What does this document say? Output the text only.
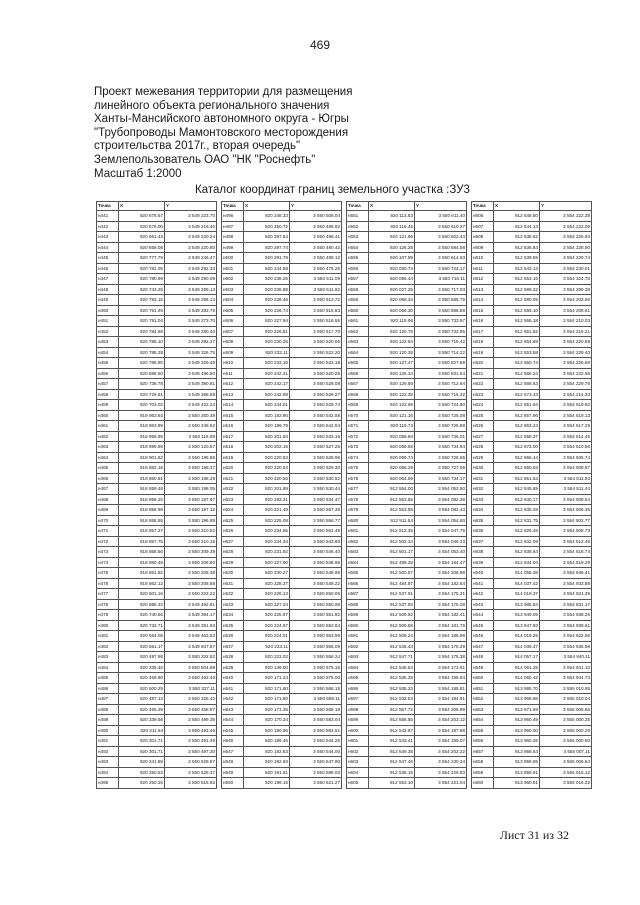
469
Проект межевания территории для размещения
линейного объекта регионального значения
Ханты-Мансийского автономного округа - Югры
"Трубопроводы Мамонтовского месторождения
строительства 2017г., вторая очередь"
Землепользователь ОАО "НК "Роснефть"
Масштаб 1:2000
Каталог координат границ земельного участка :ЗУ3
Точка	X	Y
н441	920 678.67	3 549 223.70
н442	920 676.00	3 549 218.40
н443	920 661.44	3 549 220.24
н444	920 658.08	3 549 220.80
н445	920 777.79	3 549 246.47
н446	920 781.05	3 549 292.33
н447	920 780.99	3 549 290.09
н448	920 743.25	3 549 289.13
н449	920 793.16	3 549 296.13
н450	920 791.49	3 549 283.76
н451	920 791.04	3 549 273.70
н452	920 784.68	3 549 280.40
н453	920 785.10	3 549 292.27
н454	920 788.28	3 549 326.75
н455	920 785.90	3 549 329.48
н456	920 688.50	3 549 486.50
н457	920 738.78	3 549 390.81
н458	920 729.91	3 549 368.58
н459	920 703.02	3 549 422.24
н460	919 963.93	3 550 260.48
н461	918 963.89	3 550 248.62
н462	918 959.85	3 550 116.69
н463	918 899.59	3 550 120.57
н464	918 901.82	3 550 196.86
н465	918 862.18	3 550 198.37
н466	918 860.81	3 550 198.29
н467	918 859.48	3 550 198.05
н468	918 858.20	3 550 197.67
н469	918 858.98	3 550 197.12
н470	918 858.55	3 550 196.88
н471	918 857.27	3 550 210.52
н472	918 857.75	3 550 210.16
н473	918 858.56	3 550 209.39
н474	918 860.48	3 550 208.80
н475	918 861.92	3 550 208.38
н476	918 862.12	3 550 208.88
н477	920 501.16	3 550 323.22
н478	920 888.33	3 549 492.81
н479	920 740.56	3 549 394.17
н480	920 732.71	3 549 391.93
н481	920 684.08	3 549 463.53
н482	920 561.17	3 549 847.67
н483	920 497.98	3 550 322.52
н484	920 335.40	3 550 504.89
н485	920 469.80	3 550 462.43
н486	920 500.29	3 550 327.11
н487	920 487.13	3 550 326.42
н488	920 465.39	3 550 458.87
н489	920 339.58	3 550 499.36
н490	920 311.64	3 550 493.46
н491	920 301.71	3 550 491.29
н492	920 301.71	3 550 497.30
н493	920 241.88	3 550 529.87
н494	920 250.53	3 550 529.37
н495	920 250.15	3 550 515.82
Точка	X	Y
н496	920 248.33	3 550 506.04
н497	920 250.72	3 550 485.92
н498	920 297.54	3 550 498.41
н499	920 297.74	3 550 490.42
н500	920 291.78	3 550 489.12
н501	920 244.59	3 550 476.25
н502	920 238.26	3 550 511.09
н503	920 236.88	3 550 511.82
н504	920 236.46	3 550 513.72
н505	920 226.74	3 550 515.83
н506	920 227.94	3 550 516.56
н507	920 226.81	3 550 517.70
н508	920 230.25	3 550 520.05
н509	920 232.11	3 550 522.20
н510	920 233.10	3 550 523.19
н511	920 242.31	3 550 520.26
н512	920 242.17	3 550 529.08
н513	920 242.69	3 550 529.27
н514	920 244.01	3 550 529.74
н515	920 192.90	3 550 542.58
н516	920 199.79	3 550 542.54
н517	920 201.84	3 550 533.16
н518	920 202.15	3 550 527.25
н519	920 220.53	3 550 528.96
н520	920 220.53	3 550 529.30
н521	920 220.56	3 550 530.52
н522	920 201.89	3 550 530.44
н523	920 193.31	3 550 534.47
н524	920 221.49	3 550 557.38
н525	920 225.09	3 550 556.77
н526	920 234.55	3 550 551.49
н527	920 244.34	3 550 543.80
н528	920 231.92	3 550 546.40
н529	920 227.90	3 550 548.98
н530	920 230.27	3 550 548.96
н531	920 228.37	3 550 549.22
н532	920 228.13	3 550 550.06
н533	920 227.04	3 550 550.98
н534	920 225.97	3 550 551.92
н535	920 224.97	3 550 552.84
н536	920 224.01	3 550 553.99
н537	920 223.11	3 550 556.09
н538	920 223.02	3 550 556.24
н539	920 149.00	3 550 575.16
н540	920 171.24	3 550 575.00
н541	920 171.60	3 550 568.18
н542	920 171.80	3 550 568.11
н543	920 171.35	3 550 568.18
н544	920 170.24	3 550 583.04
н545	920 190.96	3 550 583.51
н546	920 189.46	3 550 544.25
н547	920 192.83	3 550 544.00
н548	920 192.63	3 550 547.90
н549	920 191.61	3 550 588.03
н550	920 198.15	3 550 621.27
Точка	X	Y
н551	920 113.83	3 550 611.40
н552	920 116.45	3 550 610.27
н553	920 121.66	3 550 602.44
н554	920 126.28	3 550 594.58
н555	920 107.99	3 550 614.83
н556	920 030.74	3 550 724.17
н557	920 055.44	3 550 716.11
н558	920 027.25	3 550 717.03
н559	920 068.34	3 550 686.79
н560	920 068.30	3 550 686.88
н561	920 119.96	3 550 733.97
н562	920 120.75	3 550 733.95
н563	920 122.64	3 550 716.42
н564	920 120.35	3 550 714.22
н565	920 127.47	3 550 827.69
н566	920 125.34	3 550 831.54
н567	920 129.69	3 550 712.94
н568	920 122.38	3 550 715.32
н569	920 122.69	3 550 724.80
н570	920 121.16	3 550 725.08
н571	920 119.73	3 550 725.98
н572	920 058.94	3 550 736.01
н573	920 069.58	3 550 734.94
н574	920 069.74	3 550 726.65
н575	920 066.29	3 550 727.09
н576	920 064.59	3 550 734.17
н577	912 554.00	3 554 052.50
н578	912 553.65	3 554 082.38
н579	912 553.55	3 554 082.43
н580	912 511.54	3 554 054.60
н581	912 512.45	3 554 047.76
н582	912 502.34	3 554 046.23
н583	912 501.17	3 554 053.40
н584	912 489.28	3 554 184.47
н585	912 500.57	3 554 206.98
н586	912 484.87	3 554 182.84
н587	912 537.91	3 554 175.31
н588	912 537.93	3 554 175.08
н589	912 509.92	3 554 182.41
н590	912 509.58	3 554 181.76
н591	912 509.24	3 554 185.98
н592	912 545.43	3 554 175.29
н593	912 547.71	3 554 175.38
н594	912 545.53	3 554 173.61
н595	912 535.28	3 554 195.84
н596	912 535.33	3 554 195.81
н597	912 532.53	3 554 194.61
н598	912 557.72	3 554 205.99
н599	912 558.55	3 554 203.12
н600	912 542.57	3 554 197.88
н601	912 543.41	3 554 199.07
н602	912 549.38	3 554 202.22
н603	912 547.46	3 554 230.34
н604	912 536.15	3 554 229.83
н605	912 553.10	3 554 221.04
Точка	X	Y
н606	912 548.50	3 554 222.38
н607	912 544.13	3 554 222.06
н608	912 538.62	3 554 226.93
н609	912 536.84	3 554 228.90
н610	912 539.59	3 554 229.74
н611	912 543.13	3 554 230.01
н612	912 553.15	3 554 324.78
н613	912 589.32	3 554 299.38
н614	912 580.09	3 554 203.56
н615	912 559.10	3 554 208.61
н616	912 566.18	3 554 210.03
н617	912 561.82	3 554 216.21
н618	912 554.69	3 554 220.59
н619	912 553.58	3 554 229.40
н620	912 560.74	3 554 226.69
н621	912 566.24	3 554 222.55
н622	912 568.63	3 554 229.76
н623	912 573.43	3 554 214.33
н624	912 851.94	3 554 519.92
н625	912 857.96	3 554 519.13
н626	912 863.23	3 554 517.29
н627	912 868.37	3 554 514.45
н628	912 873.00	3 554 510.56
н629	912 866.44	3 554 505.74
н630	912 860.03	3 554 509.87
н631	912 851.53	3 554 511.93
н632	912 845.89	3 554 511.44
н633	912 840.17	3 554 509.54
н634	912 835.28	3 554 506.35
н635	912 831.75	3 554 502.77
н636	912 826.48	3 554 508.73
н637	912 832.09	3 554 512.46
н638	912 838.64	3 554 516.74
н639	912 844.04	3 554 519.28
н640	914 058.38	3 554 946.41
н641	914 037.42	3 554 933.88
н642	914 019.37	3 554 921.39
н643	913 985.84	3 554 831.17
н644	913 949.09	3 554 938.26
н645	913 847.93	3 554 938.51
н646	914 019.29	3 554 922.66
н647	914 036.47	3 554 935.98
н648	914 057.17	3 554 940.11
н649	914 061.29	3 554 941.10
н650	914 060.42	3 554 944.73
н651	913 985.70	3 555 010.95
н652	913 968.98	3 555 010.04
н653	913 971.69	3 555 006.66
н654	913 960.49	3 555 000.35
н655	913 960.00	3 555 000.26
н656	913 960.26	3 555 000.50
н657	913 958.64	3 555 007.11
н658	913 959.65	3 555 006.64
н659	913 959.91	3 555 015.12
н660	913 960.81	3 555 016.22
Лист 31 из 32
